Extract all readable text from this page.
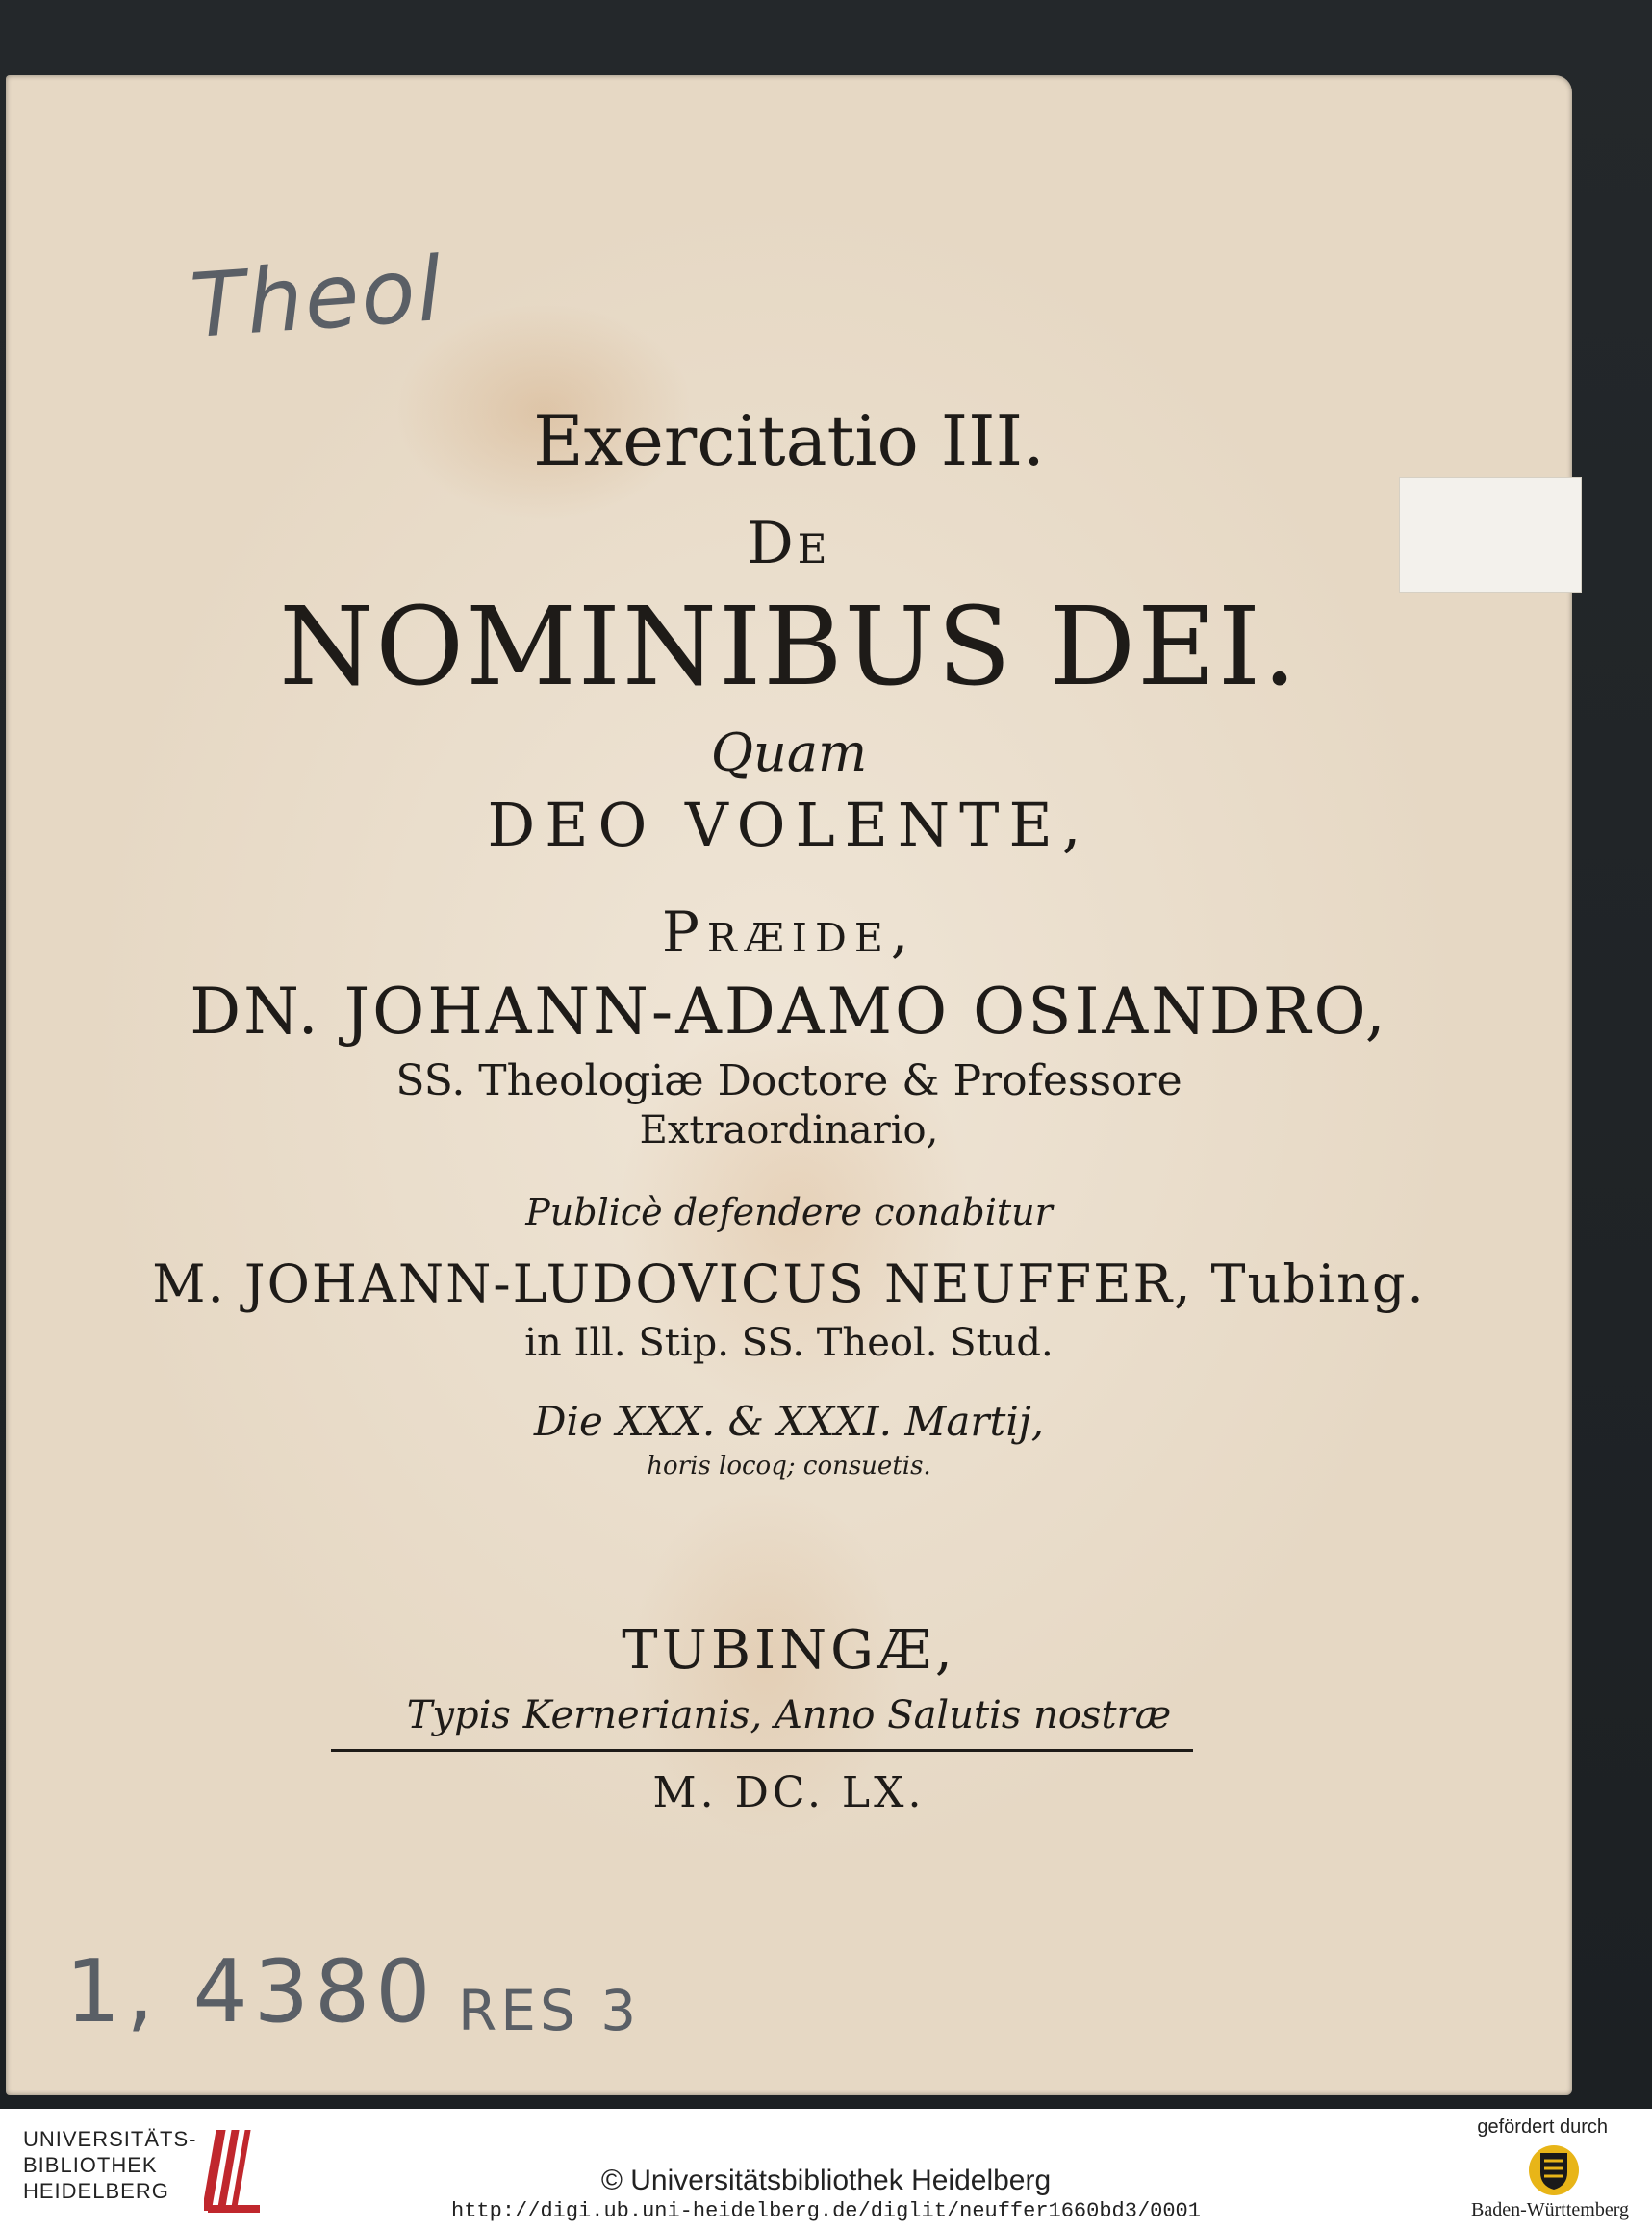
Theol
1, 4380 RES 3
Exercitatio III.
De
NOMINIBUS DEI.
Quam
DEO VOLENTE,
Præide,
DN. JOHANN-ADAMO OSIANDRO,
SS. Theologiæ Doctore & Professore
Extraordinario,
Publicè defendere conabitur
M. JOHANN-LUDOVICUS NEUFFER, Tubing.
in Ill. Stip. SS. Theol. Stud.
Die XXX. & XXXI. Martij,
horis locoq; consuetis.
TUBINGÆ,
Typis Kernerianis, Anno Salutis nostræ
M. DC. LX.
UNIVERSITÄTS-
BIBLIOTHEK
HEIDELBERG	© Universitätsbibliothek Heidelberg
http://digi.ub.uni-heidelberg.de/diglit/neuffer1660bd3/0001
gefördert durch
Baden-Württemberg
